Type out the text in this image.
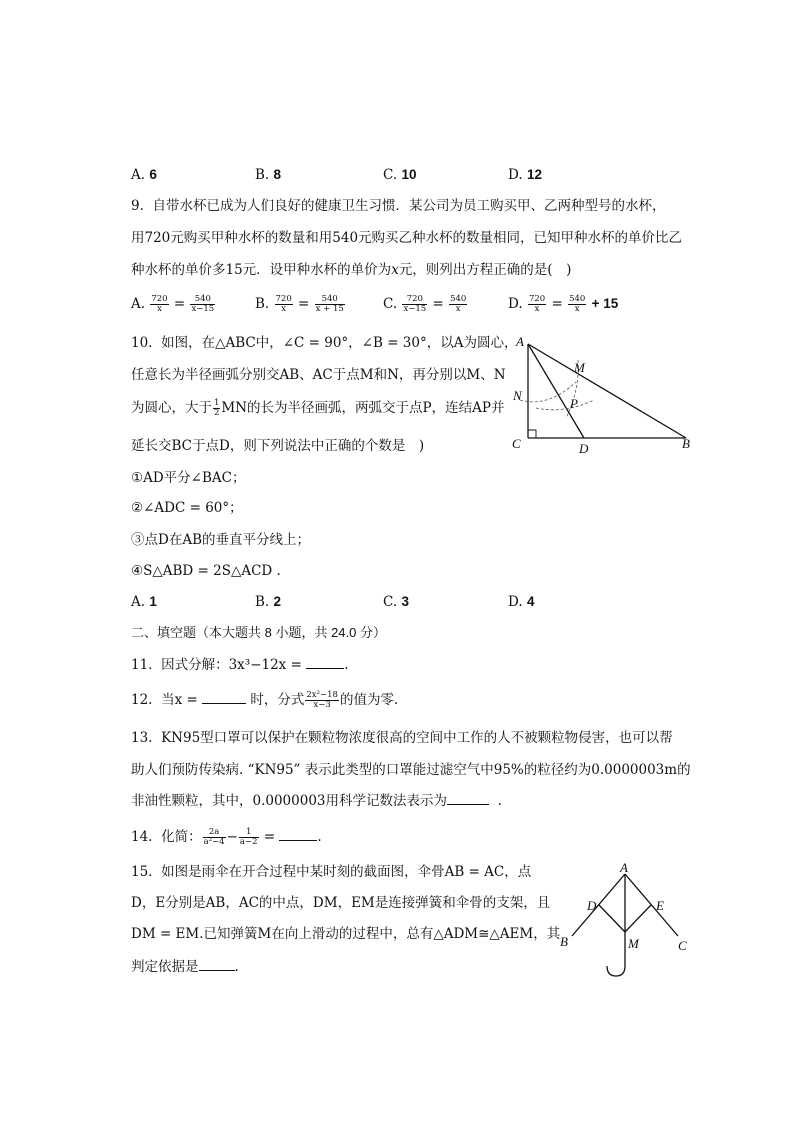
A. 6	B. 8	C. 10	D. 12
9. 自带水杯已成为人们良好的健康卫生习惯．某公司为员工购买甲、乙两种型号的水杯，
用720元购买甲种水杯的数量和用540元购买乙种水杯的数量相同，已知甲种水杯的单价比乙
种水杯的单价多15元．设甲种水杯的单价为x元，则列出方程正确的是(　)
A. $\frac{720}{x} = \frac{540}{x-15}$	B. $\frac{720}{x} = \frac{540}{x + 15}$	C. $\frac{720}{x-15} = \frac{540}{x}$	D. $\frac{720}{x} = \frac{540}{x} + 15$
10. 如图，在△ABC中，∠C = 90°，∠B = 30°，以A为圆心，
任意长为半径画弧分别交AB、AC于点M和N，再分别以M、N
为圆心，大于 $\frac{1}{2}$ MN的长为半径画弧，两弧交于点P，连结AP并
延长交BC于点D，则下列说法中正确的个数是　)
①AD平分∠BAC；
②∠ADC = 60°；
③点D在AB的垂直平分线上；
④S△ABD = 2S△ACD .
A
M
N
P
C	D	B
A. 1	B. 2	C. 3	D. 4
二、填空题（本大题共 8 小题，共 24.0 分）
11. 因式分解：3x³−12x =	.
12. 当x =	时，分式 $\frac{\text{2x²−18}}{x-3}$ 的值为零．
13. KN95型口罩可以保护在颗粒物浓度很高的空间中工作的人不被颗粒物侵害，也可以帮
助人们预防传染病. “KN95” 表示此类型的口罩能过滤空气中95%的粒径约为0.0000003m的
非油性颗粒，其中，0.0000003用科学记数法表示为	.
14. 化简： $\frac{2a}{\text{a²−4}} - \frac{1}{a-2}$ =	.
15. 如图是雨伞在开合过程中某时刻的截面图，伞骨AB = AC，点
D，E分别是AB，AC的中点，DM，EM是连接弹簧和伞骨的支架，且
DM = EM.已知弹簧M在向上滑动的过程中，总有△ADM≅△AEM，其
判定依据是	.
A
D	E
B	M	C
